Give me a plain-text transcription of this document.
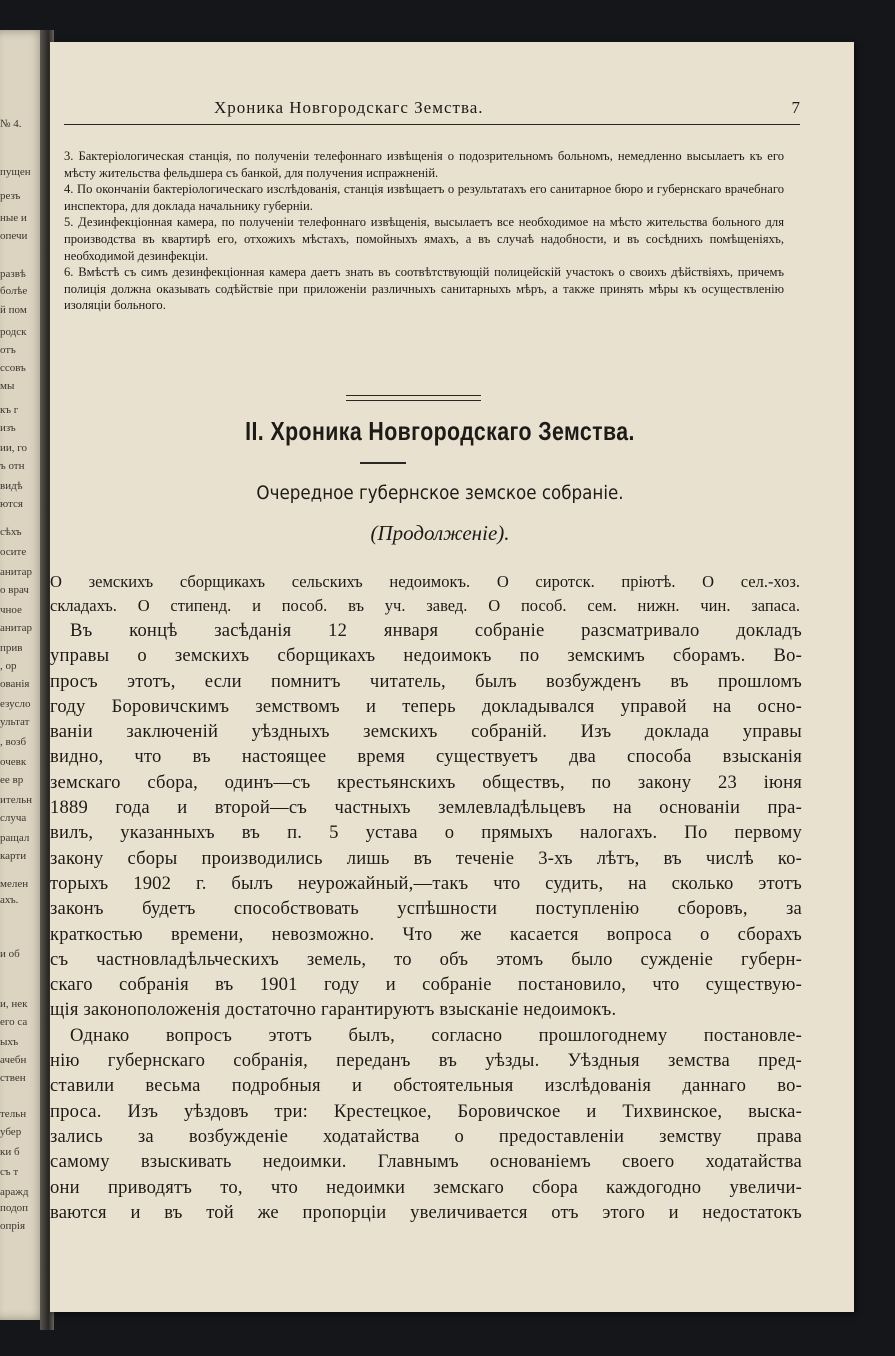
№ 4.
пущен
резъ
ные и
опечи
развѣ
болѣе
й пом
родск
отъ
ссовъ
мы
къ г
изъ
ии, го
ъ отн
видѣ
ются
сѣхъ
осите
анитар
о врач
чное
анитар
прив
, ор
ованія
езусло
ультат
, возб
очевк
ее вр
ительн
случа
ращал
карти
мелен
ахъ.
и об
и, нек
его са
ыхъ
ачебн
ствен
тельн
убер
ки б
съ т
аражд
подоп
опрія
Хроника Новгородскагс Земства.	7

3. Бактеріологическая станція, по полученіи телефоннаго извѣщенія о подозрительномъ больномъ, немедленно высылаетъ къ его мѣсту жительства фельдшера съ банкой, для получения испражненій.

4. По окончаніи бактеріологическаго изслѣдованія, станція извѣщаетъ о результатахъ его санитарное бюро и губернскаго врачебнаго инспектора, для доклада начальнику губерніи.

5. Дезинфекціонная камера, по полученіи телефоннаго извѣщенія, высылаетъ все необходимое на мѣсто жительства больного для производства въ квартирѣ его, отхожихъ мѣстахъ, помойныхъ ямахъ, а въ случаѣ надобности, и въ сосѣднихъ помѣщеніяхъ, необходимой дезинфекціи.

6. Вмѣстѣ съ симъ дезинфекціонная камера даетъ знать въ соотвѣтствующій полицейскій участокъ о своихъ дѣйствіяхъ, причемъ полиція должна оказывать содѣйствіе при приложеніи различныхъ санитарныхъ мѣръ, а также принять мѣры къ осуществленію изоляціи больного.

II. Хроника Новгородскаго Земства.
Очередное губернское земское собраніе.
(Продолженіе).
О земскихъ сборщикахъ сельскихъ недоимокъ. О сиротск. пріютѣ. О сел.-хоз.
складахъ. О стипенд. и пособ. въ уч. завед. О пособ. сем. нижн. чин. запаса.
Въ концѣ засѣданія 12 января собраніе разсматривало докладъ
управы о земскихъ сборщикахъ недоимокъ по земскимъ сборамъ. Во-
просъ этотъ, если помнитъ читатель, былъ возбужденъ въ прошломъ
году Боровичскимъ земствомъ и теперь докладывался управой на осно-
ваніи заключеній уѣздныхъ земскихъ собраній. Изъ доклада управы
видно, что въ настоящее время существуетъ два способа взысканія
земскаго сбора, одинъ—съ крестьянскихъ обществъ, по закону 23 іюня
1889 года и второй—съ частныхъ землевладѣльцевъ на основаніи пра-
вилъ, указанныхъ въ п. 5 устава о прямыхъ налогахъ. По первому
закону сборы производились лишь въ теченіе 3-хъ лѣтъ, въ числѣ ко-
торыхъ 1902 г. былъ неурожайный,—такъ что судить, на сколько этотъ
законъ будетъ способствовать успѣшности поступленію сборовъ, за
краткостью времени, невозможно. Что же касается вопроса о сборахъ
съ частновладѣльческихъ земель, то объ этомъ было сужденіе губерн-
скаго собранія въ 1901 году и собраніе постановило, что существую-
щія законоположенія достаточно гарантируютъ взысканіе недоимокъ.
Однако вопросъ этотъ былъ, согласно прошлогоднему постановле-
нію губернскаго собранія, переданъ въ уѣзды. Уѣздныя земства пред-
ставили весьма подробныя и обстоятельныя изслѣдованія даннаго во-
проса. Изъ уѣздовъ три: Крестецкое, Боровичское и Тихвинское, выска-
зались за возбужденіе ходатайства о предоставленіи земству права
самому взыскивать недоимки. Главнымъ основаніемъ своего ходатайства
они приводятъ то, что недоимки земскаго сбора каждогодно увеличи-
ваются и въ той же пропорціи увеличивается отъ этого и недостатокъ
